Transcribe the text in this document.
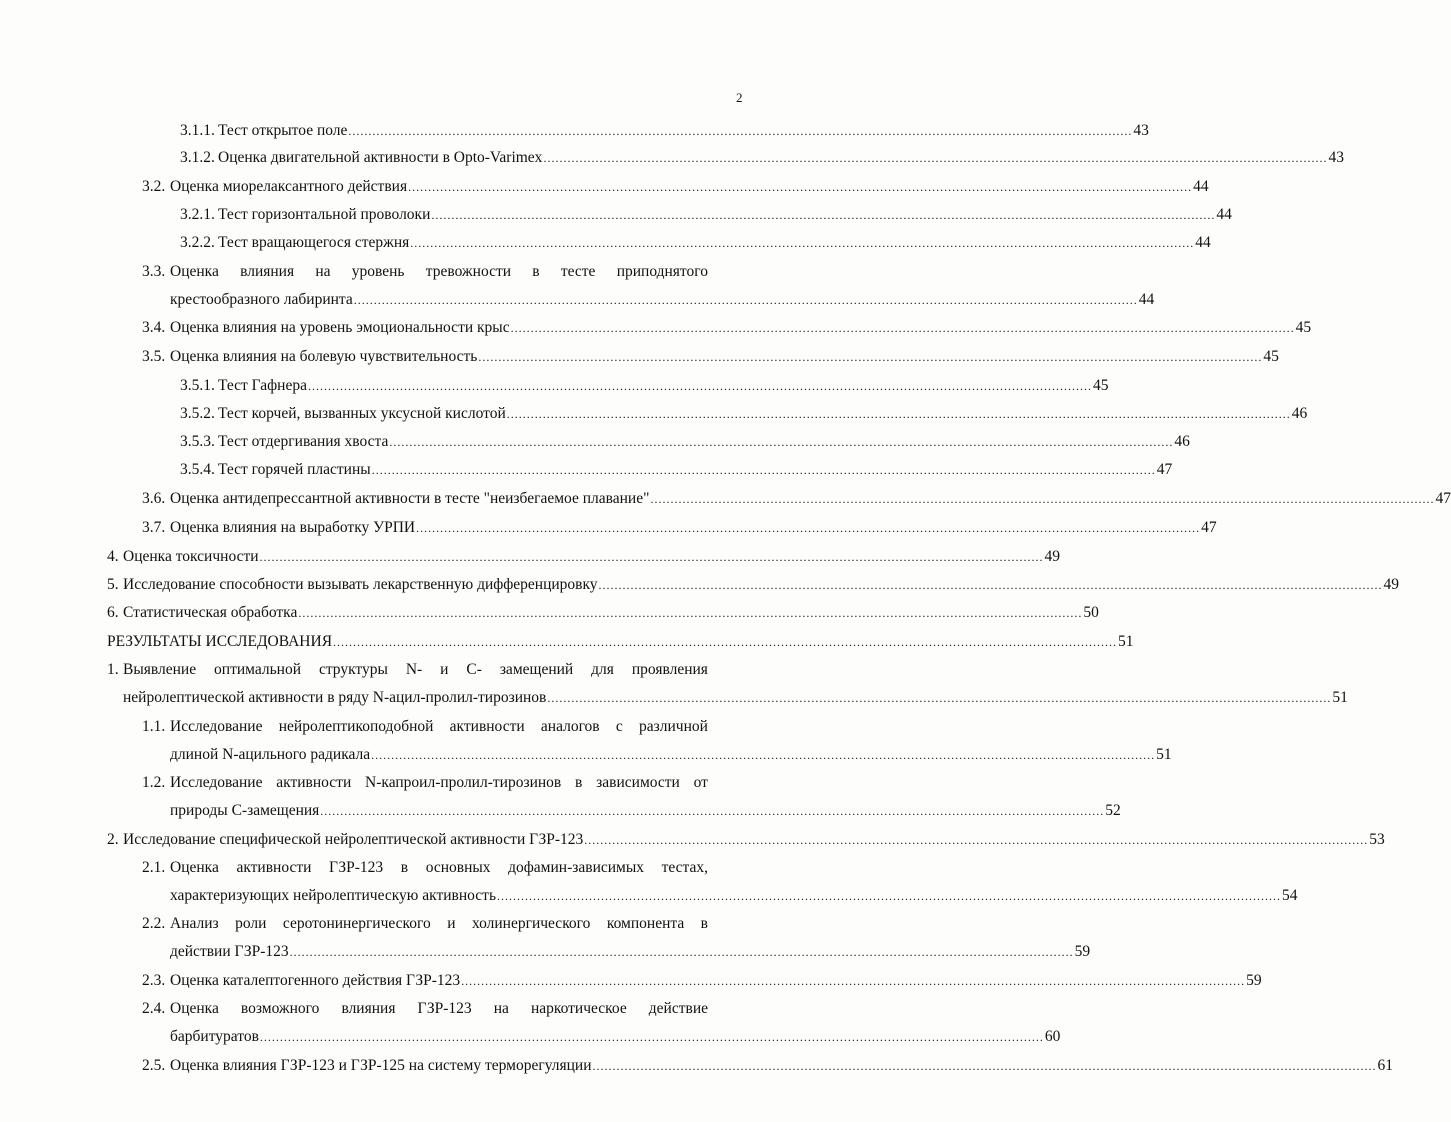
2
3.1.1. Тест открытое поле .................................................................................................................................................................................................... 43
3.1.2. Оценка двигательной активности в Opto-Varimex .................................................................................................................................................................................................... 43
3.2. Оценка миорелаксантного действия .................................................................................................................................................................................................... 44
3.2.1. Тест горизонтальной проволоки .................................................................................................................................................................................................... 44
3.2.2. Тест вращающегося стержня .................................................................................................................................................................................................... 44
3.3. Оценка влияния на уровень тревожности в тесте приподнятого
крестообразного лабиринта .................................................................................................................................................................................................... 44
3.4. Оценка влияния на уровень эмоциональности крыс .................................................................................................................................................................................................... 45
3.5. Оценка влияния на болевую чувствительность .................................................................................................................................................................................................... 45
3.5.1. Тест Гафнера .................................................................................................................................................................................................... 45
3.5.2. Тест корчей, вызванных уксусной кислотой .................................................................................................................................................................................................... 46
3.5.3. Тест отдергивания хвоста .................................................................................................................................................................................................... 46
3.5.4. Тест горячей пластины .................................................................................................................................................................................................... 47
3.6. Оценка антидепрессантной активности в тесте "неизбегаемое плавание" .................................................................................................................................................................................................... 47
3.7. Оценка влияния на выработку УРПИ .................................................................................................................................................................................................... 47
4. Оценка токсичности .................................................................................................................................................................................................... 49
5. Исследование способности вызывать лекарственную дифференцировку .................................................................................................................................................................................................... 49
6. Статистическая обработка .................................................................................................................................................................................................... 50
РЕЗУЛЬТАТЫ ИССЛЕДОВАНИЯ .................................................................................................................................................................................................... 51
1. Выявление оптимальной структуры N- и С- замещений для проявления
нейролептической активности в ряду N-ацил-пролил-тирозинов .................................................................................................................................................................................................... 51
1.1. Исследование нейролептикоподобной активности аналогов с различной
длиной N-ацильного радикала .................................................................................................................................................................................................... 51
1.2. Исследование активности N-капроил-пролил-тирозинов в зависимости от
природы С-замещения .................................................................................................................................................................................................... 52
2. Исследование специфической нейролептической активности ГЗР-123 .................................................................................................................................................................................................... 53
2.1. Оценка активности ГЗР-123 в основных дофамин-зависимых тестах,
характеризующих нейролептическую активность .................................................................................................................................................................................................... 54
2.2. Анализ роли серотонинергического и холинергического компонента в
действии ГЗР-123 .................................................................................................................................................................................................... 59
2.3. Оценка каталептогенного действия ГЗР-123 .................................................................................................................................................................................................... 59
2.4. Оценка возможного влияния ГЗР-123 на наркотическое действие
барбитуратов .................................................................................................................................................................................................... 60
2.5. Оценка влияния ГЗР-123 и ГЗР-125 на систему терморегуляции .................................................................................................................................................................................................... 61
